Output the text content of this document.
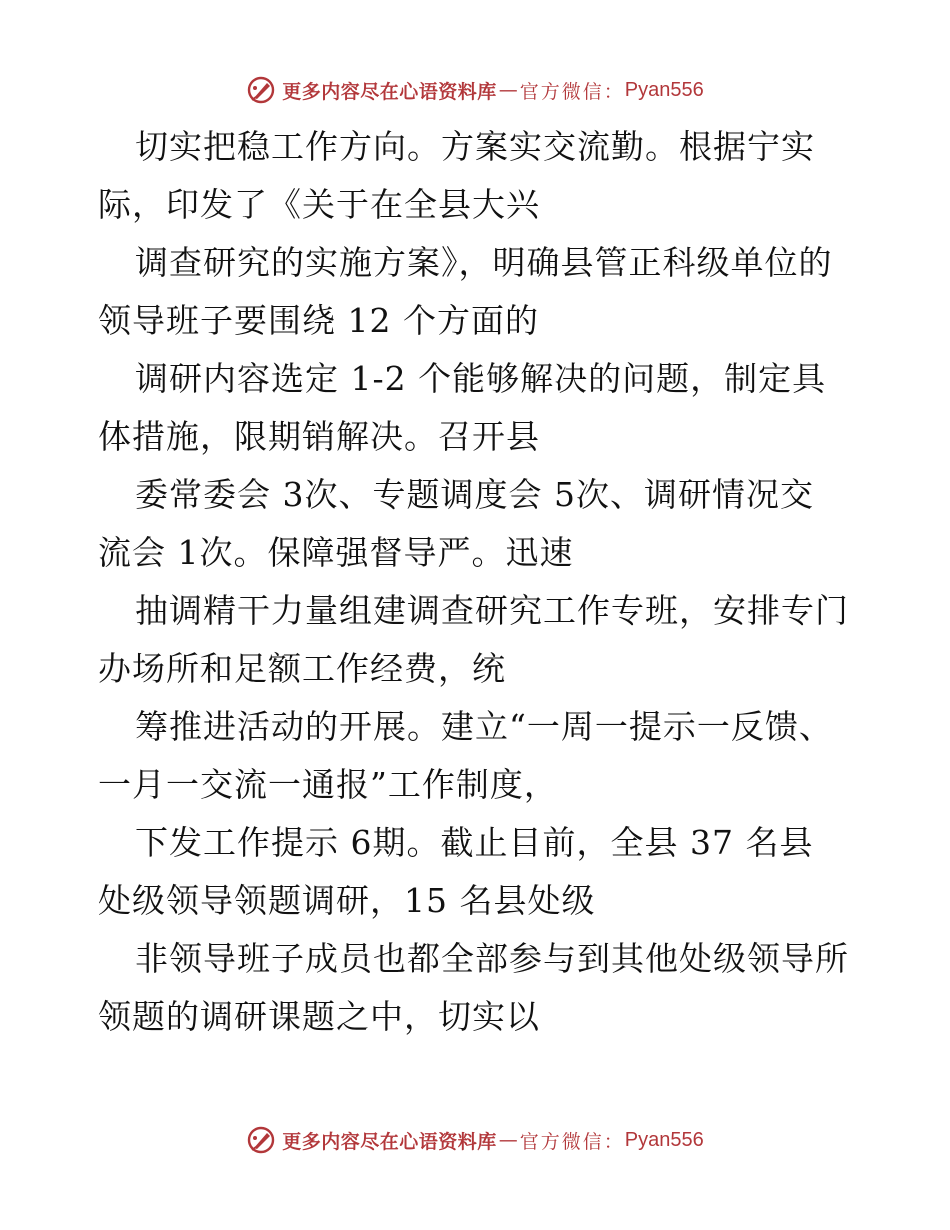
更多内容尽在心语资料库 — 官方微信： Pyan556
切实把稳工作方向。方案实交流勤。根据宁实
际，印发了《关于在全县大兴
调查研究的实施方案》，明确县管正科级单位的
领导班子要围绕 12 个方面的
调研内容选定 1-2 个能够解决的问题，制定具
体措施，限期销解决。召开县
委常委会 3次、专题调度会 5次、调研情况交
流会 1次。保障强督导严。迅速
抽调精干力量组建调查研究工作专班，安排专门
办场所和足额工作经费，统
筹推进活动的开展。建立“一周一提示一反馈、
一月一交流一通报”工作制度，
下发工作提示 6期。截止目前，全县 37 名县
处级领导领题调研，15 名县处级
非领导班子成员也都全部参与到其他处级领导所
领题的调研课题之中，切实以
更多内容尽在心语资料库 — 官方微信： Pyan556
